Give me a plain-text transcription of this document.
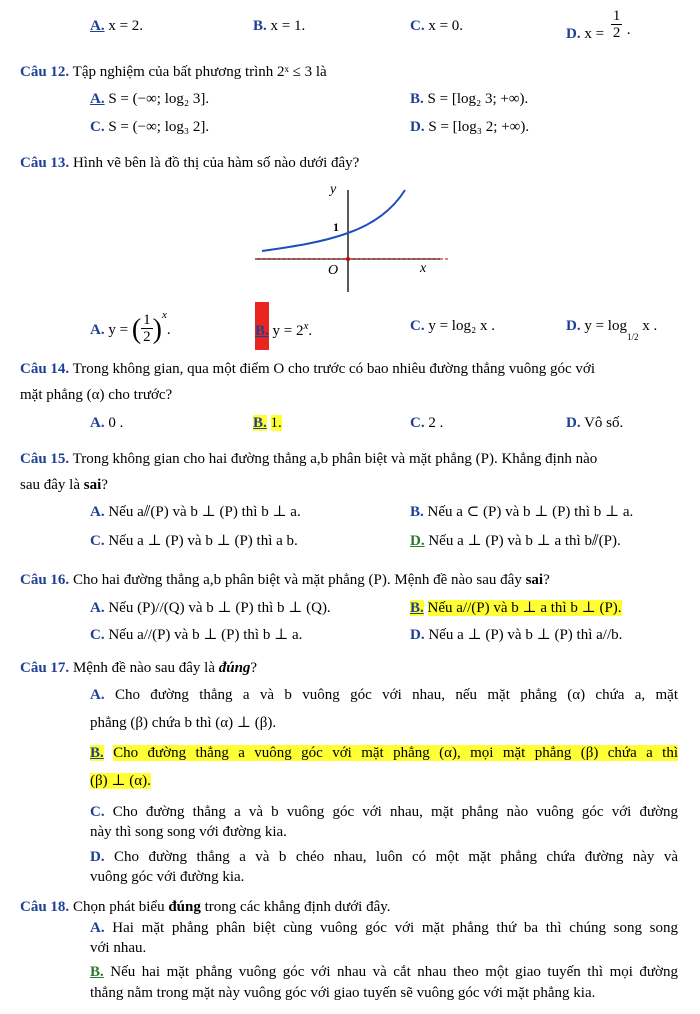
A. x = 2.	B. x = 1.	C. x = 0.	D. $x = \frac{1}{2}$ ·
Câu 12. Tập nghiệm của bất phương trình 2ˣ ≤ 3 là
A. S = (−∞; log₂ 3].	B. S = [log₂ 3; +∞).
C. S = (−∞; log₃ 2].	D. S = [log₃ 2; +∞).
Câu 13. Hình vẽ bên là đồ thị của hàm số nào dưới đây?
y
x
O
1
A. y = ( $\frac{1}{2} )^x$.	B. $y = 2^x$.	C. y = log₂ x .	D. $y = \log_{1/2} x$ .
Câu 14. Trong không gian, qua một điểm O cho trước có bao nhiêu đường thẳng vuông góc với
mặt phẳng (α) cho trước?
A. 0 .	B. 1.	C. 2 .	D. Vô số.
Câu 15. Trong không gian cho hai đường thẳng a,b phân biệt và mặt phẳng (P). Khẳng định nào
sau đây là sai?
A. Nếu a⫽(P) và b ⊥ (P) thì b ⊥ a.	B. Nếu a ⊂ (P) và b ⊥ (P) thì b ⊥ a.
C. Nếu a ⊥ (P) và b ⊥ (P) thì a b.	D. Nếu a ⊥ (P) và b ⊥ a thì b⫽(P).
Câu 16. Cho hai đường thẳng a,b phân biệt và mặt phẳng (P). Mệnh đề nào sau đây sai?
A. Nếu (P)//(Q) và b ⊥ (P) thì b ⊥ (Q).	B. Nếu a//(P) và b ⊥ a thì b ⊥ (P).
C. Nếu a//(P) và b ⊥ (P) thì b ⊥ a.	D. Nếu a ⊥ (P) và b ⊥ (P) thì a//b.
Câu 17. Mệnh đề nào sau đây là đúng?
A. Cho đường thẳng a và b vuông góc với nhau, nếu mặt phẳng (α) chứa a, mặt
phẳng (β) chứa b thì (α) ⊥ (β).
B. Cho đường thẳng a vuông góc với mặt phẳng (α), mọi mặt phẳng (β) chứa a thì
(β) ⊥ (α).
C. Cho đường thẳng a và b vuông góc với nhau, mặt phẳng nào vuông góc với đường
này thì song song với đường kia.
D. Cho đường thẳng a và b chéo nhau, luôn có một mặt phẳng chứa đường này và
vuông góc với đường kia.
Câu 18. Chọn phát biểu đúng trong các khẳng định dưới đây.
A. Hai mặt phẳng phân biệt cùng vuông góc với mặt phẳng thứ ba thì chúng song song
với nhau.
B. Nếu hai mặt phẳng vuông góc với nhau và cắt nhau theo một giao tuyến thì mọi đường
thẳng nằm trong mặt này vuông góc với giao tuyến sẽ vuông góc với mặt phẳng kia.
